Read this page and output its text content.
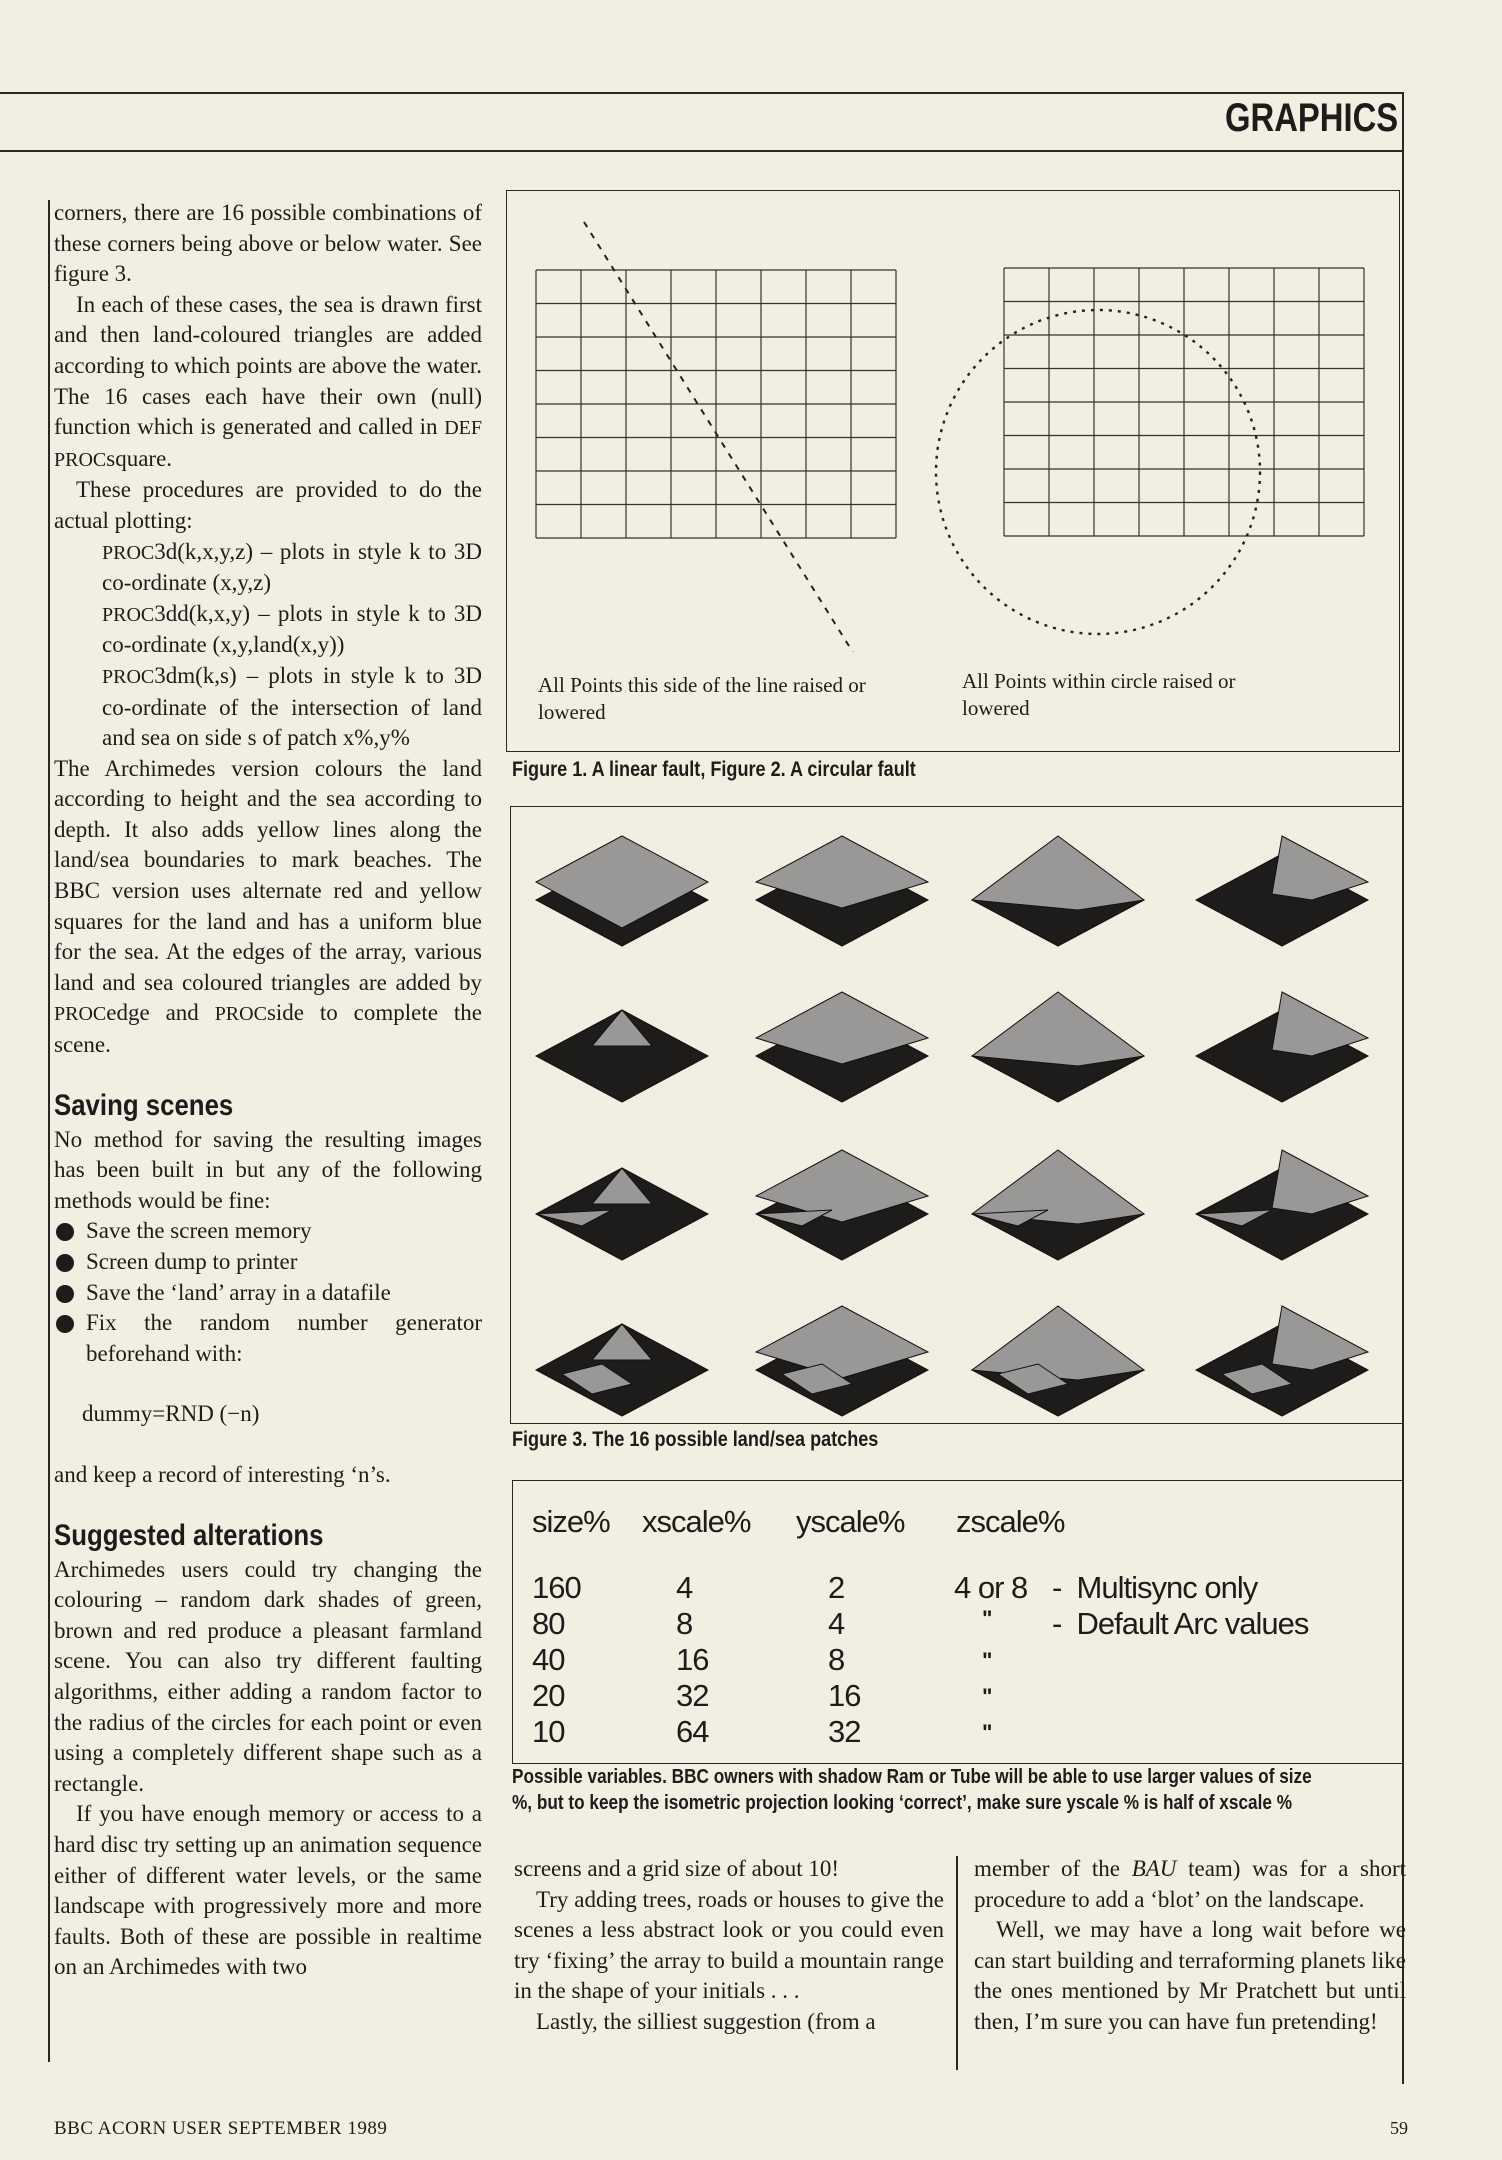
GRAPHICS

corners, there are 16 possible combinations of these corners being above or below water. See figure 3.

In each of these cases, the sea is drawn first and then land-coloured triangles are added according to which points are above the water. The 16 cases each have their own (null) function which is generated and called in DEF PROCsquare.

These procedures are provided to do the actual plotting:

PROC3d(k,x,y,z) – plots in style k to 3D co-ordinate (x,y,z)

PROC3dd(k,x,y) – plots in style k to 3D co-ordinate (x,y,land(x,y))

PROC3dm(k,s) – plots in style k to 3D co-ordinate of the intersection of land and sea on side s of patch x%,y%

The Archimedes version colours the land according to height and the sea according to depth. It also adds yellow lines along the land/sea boundaries to mark beaches. The BBC version uses alternate red and yellow squares for the land and has a uniform blue for the sea. At the edges of the array, various land and sea coloured triangles are added by PROCedge and PROCside to complete the scene.

Saving scenes

No method for saving the resulting images has been built in but any of the following methods would be fine:

Save the screen memory
Screen dump to printer
Save the ‘land’ array in a datafile
Fix the random number generator beforehand with:

dummy=RND (−n)

and keep a record of interesting ‘n’s.

Suggested alterations

Archimedes users could try changing the colouring – random dark shades of green, brown and red produce a pleasant farmland scene. You can also try different faulting algorithms, either adding a random factor to the radius of the circles for each point or even using a completely different shape such as a rectangle.

If you have enough memory or access to a hard disc try setting up an animation sequence either of different water levels, or the same landscape with progressively more and more faults. Both of these are possible in realtime on an Archimedes with two

All Points this side of the line raised or lowered
All Points within circle raised or lowered
Figure 1. A linear fault, Figure 2. A circular fault
Figure 3. The 16 possible land/sea patches
size% xscale% yscale% zscale%
160	4	2	4 or 8 -  Multisync only
80	8	4	" -  Default Arc values
40	16	8	"
20	32	16	"
10	64	32	"
Possible variables. BBC owners with shadow Ram or Tube will be able to use larger values of size
%, but to keep the isometric projection looking ‘correct’, make sure yscale % is half of xscale %

screens and a grid size of about 10!

Try adding trees, roads or houses to give the scenes a less abstract look or you could even try ‘fixing’ the array to build a mountain range in the shape of your initials . . .

Lastly, the silliest suggestion (from a

member of the BAU team) was for a short procedure to add a ‘blot’ on the landscape.

Well, we may have a long wait before we can start building and terraforming planets like the ones mentioned by Mr Pratchett but until then, I’m sure you can have fun pretending!

BBC ACORN USER SEPTEMBER 1989	59
